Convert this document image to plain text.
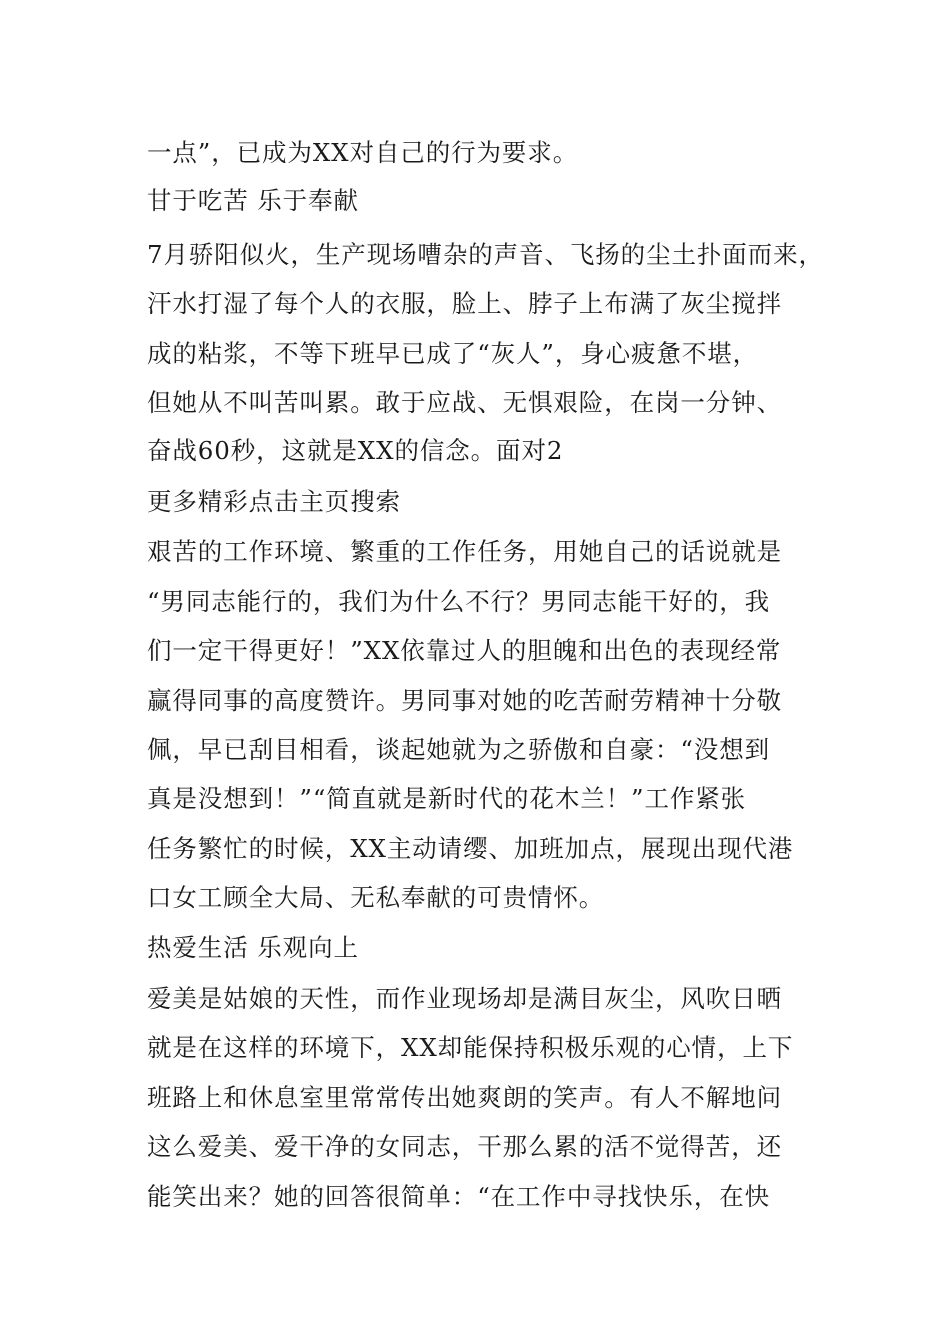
一点”，已成为XX对自己的行为要求。

甘于吃苦 乐于奉献

7月骄阳似火，生产现场嘈杂的声音、飞扬的尘土扑面而来，

汗水打湿了每个人的衣服，脸上、脖子上布满了灰尘搅拌

成的粘浆，不等下班早已成了“灰人”，身心疲惫不堪，

但她从不叫苦叫累。敢于应战、无惧艰险，在岗一分钟、

奋战60秒，这就是XX的信念。面对2

更多精彩点击主页搜索

艰苦的工作环境、繁重的工作任务，用她自己的话说就是

“男同志能行的，我们为什么不行？男同志能干好的，我

们一定干得更好！”XX依靠过人的胆魄和出色的表现经常

赢得同事的高度赞许。男同事对她的吃苦耐劳精神十分敬

佩，早已刮目相看，谈起她就为之骄傲和自豪：“没想到

真是没想到！”“简直就是新时代的花木兰！”工作紧张

任务繁忙的时候，XX主动请缨、加班加点，展现出现代港

口女工顾全大局、无私奉献的可贵情怀。

热爱生活 乐观向上

爱美是姑娘的天性，而作业现场却是满目灰尘，风吹日晒

就是在这样的环境下，XX却能保持积极乐观的心情，上下

班路上和休息室里常常传出她爽朗的笑声。有人不解地问

这么爱美、爱干净的女同志，干那么累的活不觉得苦，还

能笑出来？她的回答很简单：“在工作中寻找快乐，在快
